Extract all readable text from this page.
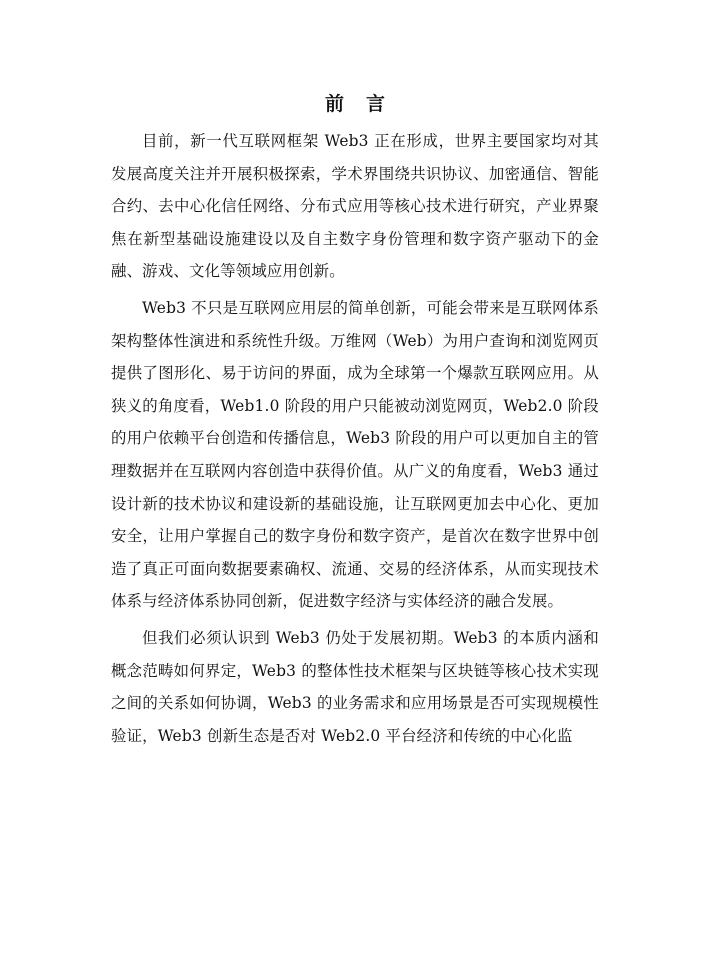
前言

目前，新一代互联网框架 Web3 正在形成，世界主要国家均对其发展高度关注并开展积极探索，学术界围绕共识协议、加密通信、智能合约、去中心化信任网络、分布式应用等核心技术进行研究，产业界聚焦在新型基础设施建设以及自主数字身份管理和数字资产驱动下的金融、游戏、文化等领域应用创新。

Web3 不只是互联网应用层的简单创新，可能会带来是互联网体系架构整体性演进和系统性升级。万维网（Web）为用户查询和浏览网页提供了图形化、易于访问的界面，成为全球第一个爆款互联网应用。从狭义的角度看，Web1.0 阶段的用户只能被动浏览网页，Web2.0 阶段的用户依赖平台创造和传播信息，Web3 阶段的用户可以更加自主的管理数据并在互联网内容创造中获得价值。从广义的角度看，Web3 通过设计新的技术协议和建设新的基础设施，让互联网更加去中心化、更加安全，让用户掌握自己的数字身份和数字资产，是首次在数字世界中创造了真正可面向数据要素确权、流通、交易的经济体系，从而实现技术体系与经济体系协同创新，促进数字经济与实体经济的融合发展。

但我们必须认识到 Web3 仍处于发展初期。Web3 的本质内涵和概念范畴如何界定，Web3 的整体性技术框架与区块链等核心技术实现之间的关系如何协调，Web3 的业务需求和应用场景是否可实现规模性验证，Web3 创新生态是否对 Web2.0 平台经济和传统的中心化监
